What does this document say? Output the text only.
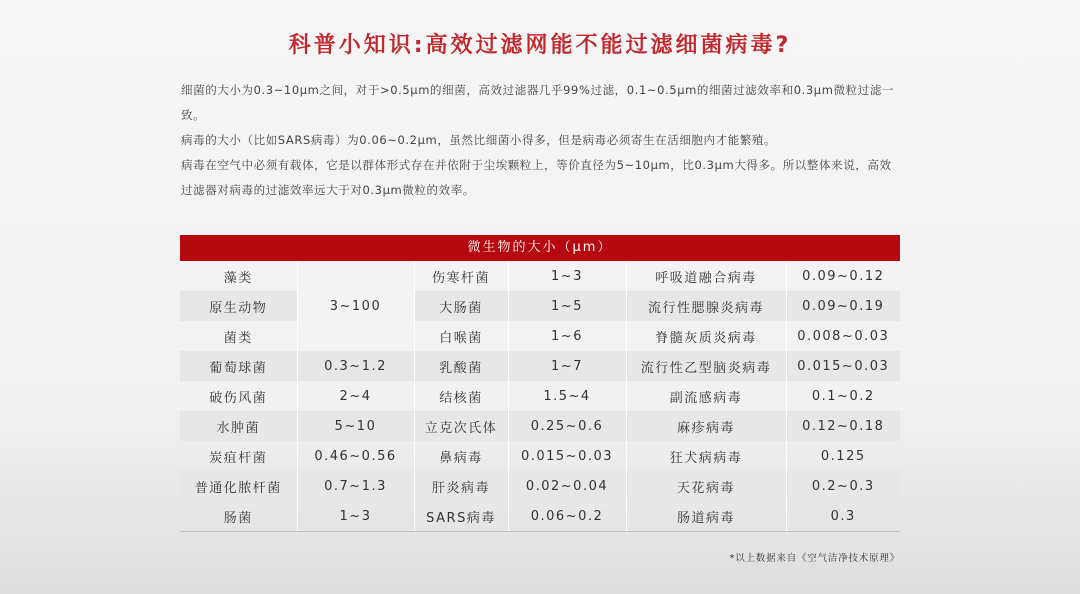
科普小知识:高效过滤网能不能过滤细菌病毒?

细菌的大小为0.3~10μm之间，对于>0.5μm的细菌，高效过滤器几乎99%过滤，0.1~0.5μm的细菌过滤效率和0.3μm微粒过滤一致。

病毒的大小（比如SARS病毒）为0.06~0.2μm，虽然比细菌小得多，但是病毒必须寄生在活细胞内才能繁殖。

病毒在空气中必须有载体，它是以群体形式存在并依附于尘埃颗粒上，等价直径为5~10μm，比0.3μm大得多。所以整体来说，高效过滤器对病毒的过滤效率远大于对0.3μm微粒的效率。

微生物的大小（μm）
藻类	3~100	伤寒杆菌	1~3	呼吸道融合病毒	0.09~0.12
原生动物		大肠菌	1~5	流行性腮腺炎病毒	0.09~0.19
菌类		白喉菌	1~6	脊髓灰质炎病毒	0.008~0.03
葡萄球菌	0.3~1.2	乳酸菌	1~7	流行性乙型脑炎病毒	0.015~0.03
破伤风菌	2~4	结核菌	1.5~4	副流感病毒	0.1~0.2
水肿菌	5~10	立克次氏体	0.25~0.6	麻疹病毒	0.12~0.18
炭疽杆菌	0.46~0.56	鼻病毒	0.015~0.03	狂犬病病毒	0.125
普通化脓杆菌	0.7~1.3	肝炎病毒	0.02~0.04	天花病毒	0.2~0.3
肠菌	1~3	SARS病毒	0.06~0.2	肠道病毒	0.3
*以上数据来自《空气洁净技术原理》
